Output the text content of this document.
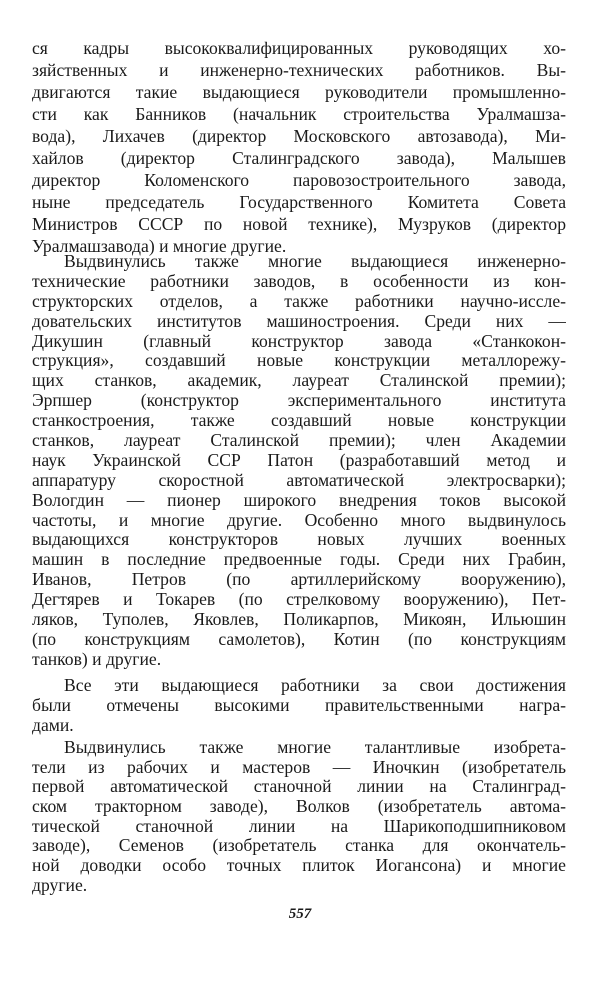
ся кадры высококвалифицированных руководящих хо-
зяйственных и инженерно-технических работников. Вы-
двигаются такие выдающиеся руководители промышленно-
сти как Банников (начальник строительства Уралмашза-
вода), Лихачев (директор Московского автозавода), Ми-
хайлов (директор Сталинградского завода), Малышев
директор Коломенского паровозостроительного завода,
ныне председатель Государственного Комитета Совета
Министров СССР по новой технике), Музруков (директор
Уралмашзавода) и многие другие.
Выдвинулись также многие выдающиеся инженерно-
технические работники заводов, в особенности из кон-
структорских отделов, а также работники научно-иссле-
довательских институтов машиностроения. Среди них —
Дикушин (главный конструктор завода «Станкокон-
струкция», создавший новые конструкции металлорежу-
щих станков, академик, лауреат Сталинской премии);
Эрпшер (конструктор экспериментального института
станкостроения, также создавший новые конструкции
станков, лауреат Сталинской премии); член Академии
наук Украинской ССР Патон (разработавший метод и
аппаратуру скоростной автоматической электросварки);
Вологдин — пионер широкого внедрения токов высокой
частоты, и многие другие. Особенно много выдвинулось
выдающихся конструкторов новых лучших военных
машин в последние предвоенные годы. Среди них Грабин,
Иванов, Петров (по артиллерийскому вооружению),
Дегтярев и Токарев (по стрелковому вооружению), Пет-
ляков, Туполев, Яковлев, Поликарпов, Микоян, Ильюшин
(по конструкциям самолетов), Котин (по конструкциям
танков) и другие.
Все эти выдающиеся работники за свои достижения
были отмечены высокими правительственными награ-
дами.
Выдвинулись также многие талантливые изобрета-
тели из рабочих и мастеров — Иночкин (изобретатель
первой автоматической станочной линии на Сталинград-
ском тракторном заводе), Волков (изобретатель автома-
тической станочной линии на Шарикоподшипниковом
заводе), Семенов (изобретатель станка для окончатель-
ной доводки особо точных плиток Иогансона) и многие
другие.
557
